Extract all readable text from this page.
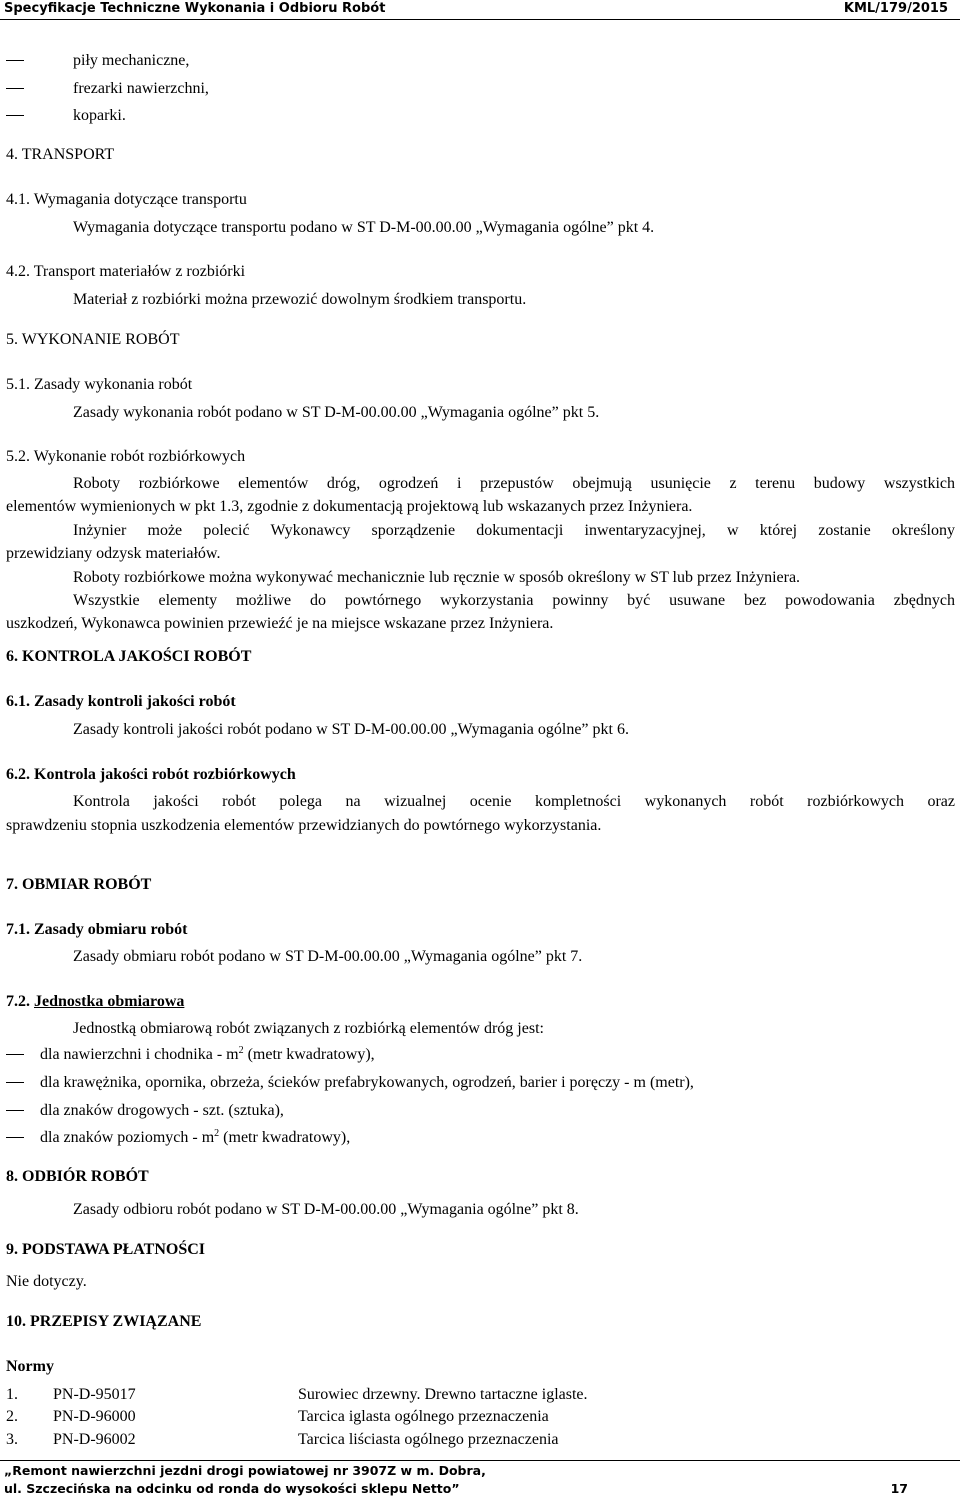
Specyfikacje Techniczne Wykonania i Odbioru Robót	KML/179/2015
piły mechaniczne,
frezarki nawierzchni,
koparki.
4. TRANSPORT
4.1. Wymagania dotyczące transportu
Wymagania dotyczące transportu podano w ST D-M-00.00.00 „Wymagania ogólne” pkt 4.
4.2. Transport materiałów z rozbiórki
Materiał z rozbiórki można przewozić dowolnym środkiem transportu.
5. WYKONANIE ROBÓT
5.1. Zasady wykonania robót
Zasady wykonania robót podano w ST D-M-00.00.00 „Wymagania ogólne” pkt 5.
5.2. Wykonanie robót rozbiórkowych
Roboty rozbiórkowe elementów dróg, ogrodzeń i przepustów obejmują usunięcie z terenu budowy wszystkich
elementów wymienionych w pkt 1.3, zgodnie z dokumentacją projektową lub wskazanych przez Inżyniera.
Inżynier może polecić Wykonawcy sporządzenie dokumentacji inwentaryzacyjnej, w której zostanie określony
przewidziany odzysk materiałów.
Roboty rozbiórkowe można wykonywać mechanicznie lub ręcznie w sposób określony w ST lub przez Inżyniera.
Wszystkie elementy możliwe do powtórnego wykorzystania powinny być usuwane bez powodowania zbędnych
uszkodzeń, Wykonawca powinien przewieźć je na miejsce wskazane przez Inżyniera.
6. KONTROLA JAKOŚCI ROBÓT
6.1. Zasady kontroli jakości robót
Zasady kontroli jakości robót podano w ST D-M-00.00.00 „Wymagania ogólne” pkt 6.
6.2. Kontrola jakości robót rozbiórkowych
Kontrola jakości robót polega na wizualnej ocenie kompletności wykonanych robót rozbiórkowych oraz
sprawdzeniu stopnia uszkodzenia elementów przewidzianych do powtórnego wykorzystania.
7. OBMIAR ROBÓT
7.1. Zasady obmiaru robót
Zasady obmiaru robót podano w ST D-M-00.00.00 „Wymagania ogólne” pkt 7.
7.2. Jednostka obmiarowa
Jednostką obmiarową robót związanych z rozbiórką elementów dróg jest:
dla nawierzchni i chodnika - $m^2$ (metr kwadratowy),
dla krawężnika, opornika, obrzeża, ścieków prefabrykowanych, ogrodzeń, barier i poręczy - m (metr),
dla znaków drogowych - szt. (sztuka),
dla znaków poziomych - $m^2$ (metr kwadratowy),
8. ODBIÓR ROBÓT
Zasady odbioru robót podano w ST D-M-00.00.00 „Wymagania ogólne” pkt 8.
9. PODSTAWA PŁATNOŚCI
Nie dotyczy.
10. PRZEPISY ZWIĄZANE
Normy
1. PN-D-95017	Surowiec drzewny. Drewno tartaczne iglaste.
2. PN-D-96000	Tarcica iglasta ogólnego przeznaczenia
3. PN-D-96002	Tarcica liściasta ogólnego przeznaczenia
„Remont nawierzchni jezdni drogi powiatowej nr 3907Z w m. Dobra,
ul. Szczecińska na odcinku od ronda do wysokości sklepu Netto”	17
